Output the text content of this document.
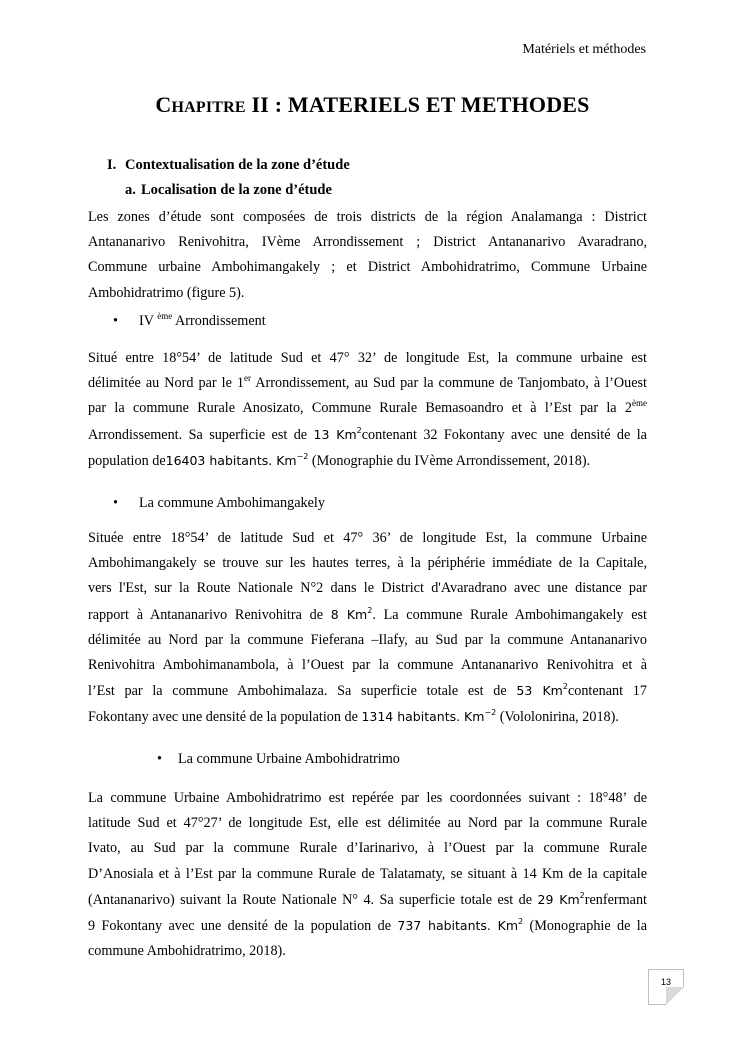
Matériels et méthodes
CHAPITRE II : MATERIELS ET METHODES
I. Contextualisation de la zone d’étude
a. Localisation de la zone d’étude
Les zones d’étude sont composées de trois districts de la région Analamanga : District
Antananarivo Renivohitra, IVème Arrondissement ; District Antananarivo Avaradrano,
Commune urbaine Ambohimangakely ; et District Ambohidratrimo, Commune Urbaine
Ambohidratrimo (figure 5).
• IV $^{ème}$ Arrondissement
Situé entre 18°54’ de latitude Sud et 47° 32’ de longitude Est, la commune urbaine est
délimitée au Nord par le 1er Arrondissement, au Sud par la commune de Tanjombato, à l’Ouest
par la commune Rurale Anosizato, Commune Rurale Bemasoandro et à l’Est par la 2ème
Arrondissement. Sa superficie est de 13 Km$^2$contenant 32 Fokontany avec une densité de la
population de16403 habitants. $Km^{-2}$ (Monographie du IVème Arrondissement, 2018).
• La commune Ambohimangakely
Située entre 18°54’ de latitude Sud et 47° 36’ de longitude Est, la commune Urbaine
Ambohimangakely se trouve sur les hautes terres, à la périphérie immédiate de la Capitale,
vers l'Est, sur la Route Nationale N°2 dans le District d'Avaradrano avec une distance par
rapport à Antananarivo Renivohitra de 8 Km$^2$. La commune Rurale Ambohimangakely est
délimitée au Nord par la commune Fieferana –Ilafy, au Sud par la commune Antananarivo
Renivohitra Ambohimanambola, à l’Ouest par la commune Antananarivo Renivohitra et à
l’Est par la commune Ambohimalaza. Sa superficie totale est de 53 Km$^2$contenant 17
Fokontany avec une densité de la population de 1314 habitants. $Km^{-2}$ (Vololonirina, 2018).
• La commune Urbaine Ambohidratrimo
La commune Urbaine Ambohidratrimo est repérée par les coordonnées suivant : 18°48’ de
latitude Sud et 47°27’ de longitude Est, elle est délimitée au Nord par la commune Rurale
Ivato, au Sud par la commune Rurale d’Iarinarivo, à l’Ouest par la commune Rurale
D’Anosiala et à l’Est par la commune Rurale de Talatamaty, se situant à 14 Km de la capitale
(Antananarivo) suivant la Route Nationale N° 4. Sa superficie totale est de 29 Km$^2$renfermant
9 Fokontany avec une densité de la population de 737 habitants. Km$^2$ (Monographie de la
commune Ambohidratrimo, 2018).
13
